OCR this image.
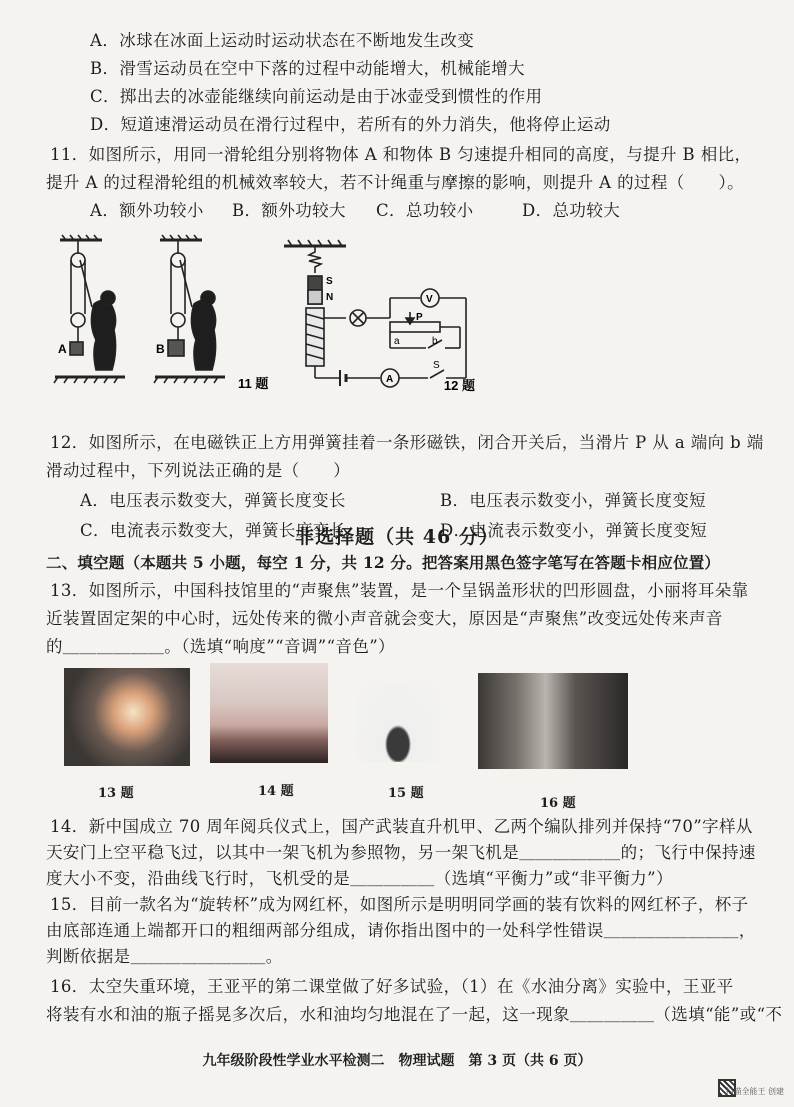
A．冰球在冰面上运动时运动状态在不断地发生改变
B．滑雪运动员在空中下落的过程中动能增大，机械能增大
C．掷出去的冰壶能继续向前运动是由于冰壶受到惯性的作用
D．短道速滑运动员在滑行过程中，若所有的外力消失，他将停止运动
11．如图所示，用同一滑轮组分别将物体 A 和物体 B 匀速提升相同的高度，与提升 B 相比，
提升 A 的过程滑轮组的机械效率较大，若不计绳重与摩擦的影响，则提升 A 的过程（　　）。
A．额外功较小 B．额外功较大 C．总功较小	D．总功较大
A	B
11 题
S
N	V
A
P
a	b
S
12 题
12．如图所示，在电磁铁正上方用弹簧挂着一条形磁铁，闭合开关后，当滑片 P 从 a 端向 b 端
滑动过程中，下列说法正确的是（　　）
A．电压表示数变大，弹簧长度变长	B．电压表示数变小，弹簧长度变短
C．电流表示数变大，弹簧长度变长	D．电流表示数变小，弹簧长度变短
非选择题（共 46 分）
二、填空题（本题共 5 小题，每空 1 分，共 12 分。把答案用黑色签字笔写在答题卡相应位置）
13．如图所示，中国科技馆里的“声聚焦”装置，是一个呈锅盖形状的凹形圆盘，小丽将耳朵靠
近装置固定架的中心时，远处传来的微小声音就会变大，原因是“声聚焦”改变远处传来声音
的＿＿＿＿＿＿。（选填“响度”“音调”“音色”）
13 题	14 题	15 题
16 题
14．新中国成立 70 周年阅兵仪式上，国产武装直升机甲、乙两个编队排列并保持“70”字样从
天安门上空平稳飞过，以其中一架飞机为参照物，另一架飞机是＿＿＿＿＿＿的；飞行中保持速
度大小不变，沿曲线飞行时，飞机受的是＿＿＿＿＿（选填“平衡力”或“非平衡力”）
15．目前一款名为“旋转杯”成为网红杯，如图所示是明明同学画的装有饮料的网红杯子，杯子
由底部连通上端都开口的粗细两部分组成，请你指出图中的一处科学性错误＿＿＿＿＿＿＿＿，
判断依据是＿＿＿＿＿＿＿＿。
16．太空失重环境，王亚平的第二课堂做了好多试验，（1）在《水油分离》实验中，王亚平
将装有水和油的瓶子摇晃多次后，水和油均匀地混在了一起，这一现象＿＿＿＿＿（选填“能”或“不
九年级阶段性学业水平检测二　物理试题　第 3 页（共 6 页）
扫描全能王 创建
